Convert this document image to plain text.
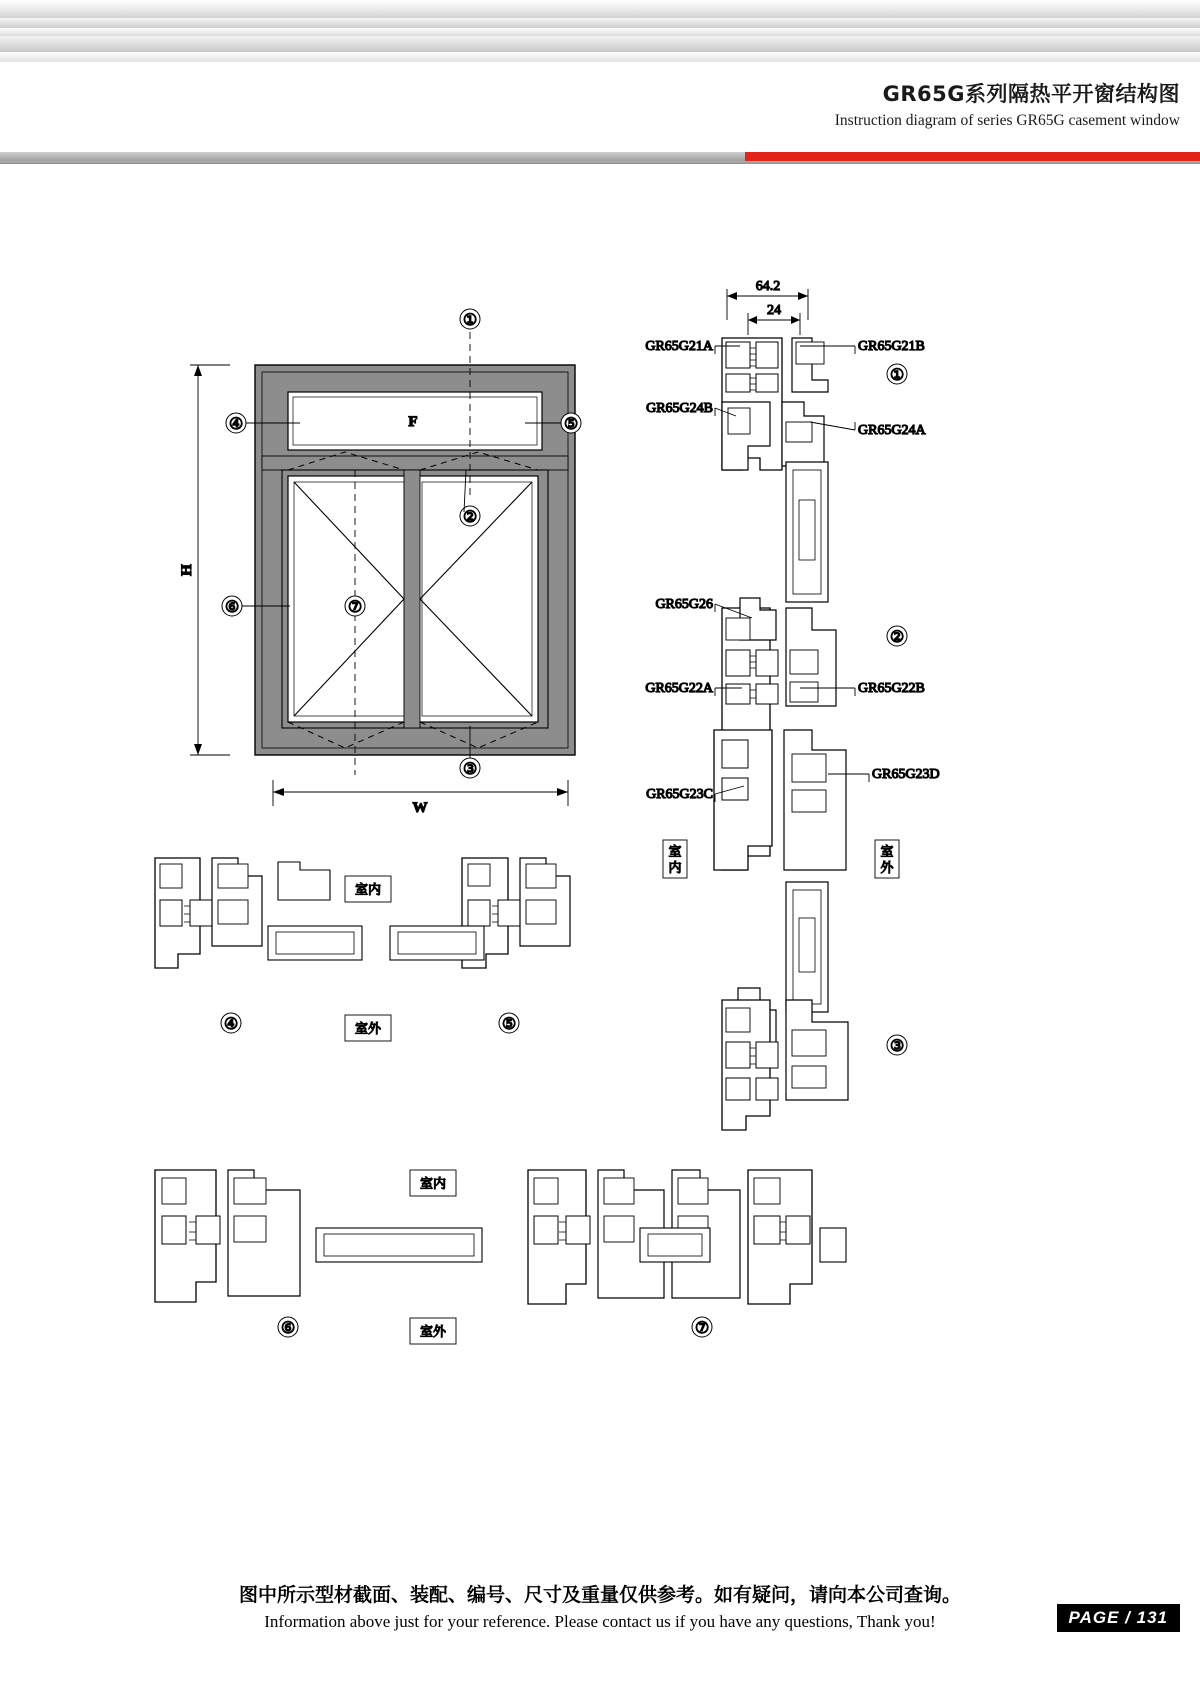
GR65G系列隔热平开窗结构图
Instruction diagram of series GR65G casement window
H
W
F
①
②
③
④	⑤
⑥	⑦
64.2
24
GR65G21A	GR65G21B
GR65G24B
GR65G24A
①
GR65G26
GR65G22A	GR65G22B
GR65G23C
GR65G23D
②
室
内
室
外
③
④	⑤
室内
室外
⑥
室内
室外	⑦
图中所示型材截面、装配、编号、尺寸及重量仅供参考。如有疑问，请向本公司查询。
Information above just for your reference. Please contact us if you have any questions, Thank you!	PAGE / 131
